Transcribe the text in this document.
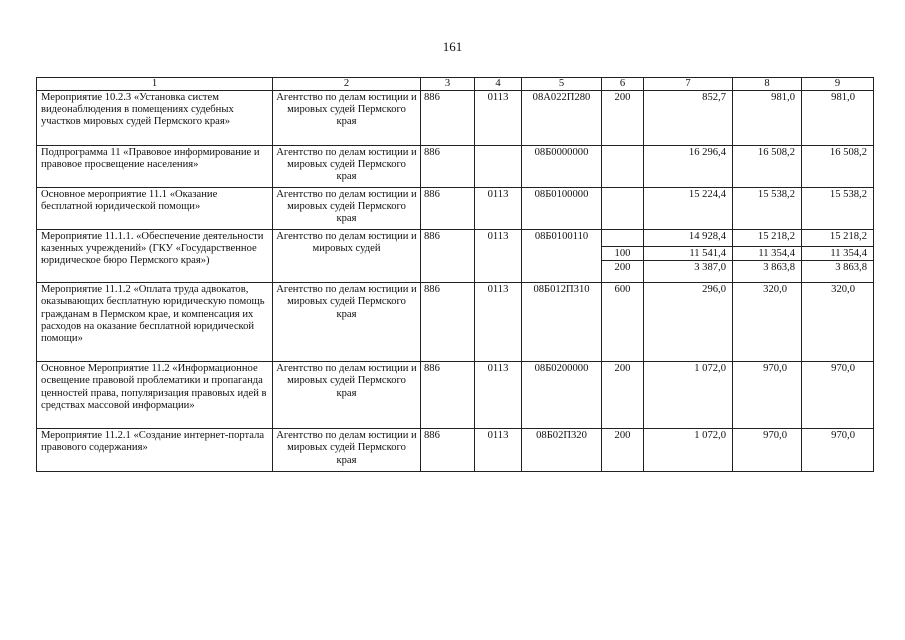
161
1	2	3	4	5	6	7	8	9
Мероприятие 10.2.3 «Установка систем видеонаблюдения в помещениях судебных участков мировых судей Пермского края»	Агентство по делам юстиции и мировых судей Пермского края	886	0113	08А022П280	200	852,7	981,0	981,0
Подпрограмма 11 «Правовое информирование и правовое просвещение населения»	Агентство по делам юстиции и мировых судей Пермского края	886		08Б0000000		16 296,4	16 508,2	16 508,2
Основное мероприятие 11.1 «Оказание бесплатной юридической помощи»	Агентство по делам юстиции и мировых судей Пермского края	886	0113	08Б0100000		15 224,4	15 538,2	15 538,2
Мероприятие 11.1.1. «Обеспечение деятельности казенных учреждений» (ГКУ «Государственное юридическое бюро Пермского края»)	Агентство по делам юстиции и мировых судей	886	0113	08Б0100110		14 928,4	15 218,2	15 218,2
					100	11 541,4	11 354,4	11 354,4
					200	3 387,0	3 863,8	3 863,8
Мероприятие 11.1.2 «Оплата труда адвокатов, оказывающих бесплатную юридическую помощь гражданам в Пермском крае, и компенсация их расходов на оказание бесплатной юридической помощи»	Агентство по делам юстиции и мировых судей Пермского края	886	0113	08Б012П310	600	296,0	320,0	320,0
Основное Мероприятие 11.2 «Информационное освещение правовой проблематики и пропаганда ценностей права, популяризация правовых идей в средствах массовой информации»	Агентство по делам юстиции и мировых судей Пермского края	886	0113	08Б0200000	200	1 072,0	970,0	970,0
Мероприятие 11.2.1 «Создание интернет-портала правового содержания»	Агентство по делам юстиции и мировых судей Пермского края	886	0113	08Б02П320	200	1 072,0	970,0	970,0
